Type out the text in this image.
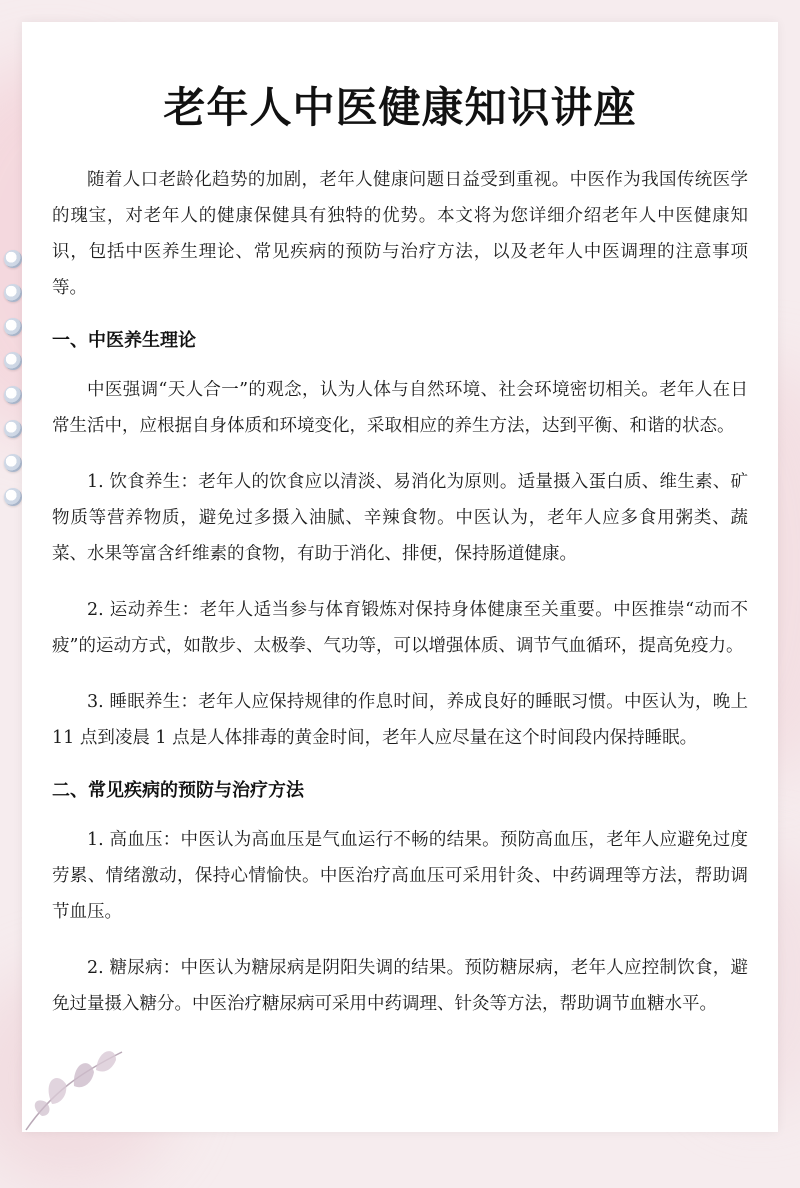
老年人中医健康知识讲座

随着人口老龄化趋势的加剧，老年人健康问题日益受到重视。中医作为我国传统医学的瑰宝，对老年人的健康保健具有独特的优势。本文将为您详细介绍老年人中医健康知识，包括中医养生理论、常见疾病的预防与治疗方法，以及老年人中医调理的注意事项等。

一、中医养生理论

中医强调“天人合一”的观念，认为人体与自然环境、社会环境密切相关。老年人在日常生活中，应根据自身体质和环境变化，采取相应的养生方法，达到平衡、和谐的状态。

1. 饮食养生：老年人的饮食应以清淡、易消化为原则。适量摄入蛋白质、维生素、矿物质等营养物质，避免过多摄入油腻、辛辣食物。中医认为，老年人应多食用粥类、蔬菜、水果等富含纤维素的食物，有助于消化、排便，保持肠道健康。

2. 运动养生：老年人适当参与体育锻炼对保持身体健康至关重要。中医推崇“动而不疲”的运动方式，如散步、太极拳、气功等，可以增强体质、调节气血循环，提高免疫力。

3. 睡眠养生：老年人应保持规律的作息时间，养成良好的睡眠习惯。中医认为，晚上 11 点到凌晨 1 点是人体排毒的黄金时间，老年人应尽量在这个时间段内保持睡眠。

二、常见疾病的预防与治疗方法

1. 高血压：中医认为高血压是气血运行不畅的结果。预防高血压，老年人应避免过度劳累、情绪激动，保持心情愉快。中医治疗高血压可采用针灸、中药调理等方法，帮助调节血压。

2. 糖尿病：中医认为糖尿病是阴阳失调的结果。预防糖尿病，老年人应控制饮食，避免过量摄入糖分。中医治疗糖尿病可采用中药调理、针灸等方法，帮助调节血糖水平。
